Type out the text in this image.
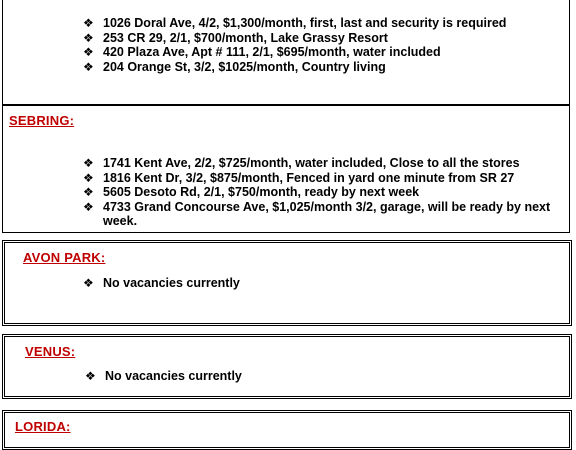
❖ 1026 Doral Ave, 4/2, $1,300/month, first, last and security is required
❖ 253 CR 29, 2/1, $700/month, Lake Grassy Resort
❖ 420 Plaza Ave, Apt # 111, 2/1, $695/month, water included
❖ 204 Orange St, 3/2, $1025/month, Country living
SEBRING:
❖ 1741 Kent Ave, 2/2, $725/month, water included, Close to all the stores
❖ 1816 Kent Dr, 3/2, $875/month, Fenced in yard one minute from SR 27
❖ 5605 Desoto Rd, 2/1, $750/month, ready by next week
❖ 4733 Grand Concourse Ave, $1,025/month 3/2, garage, will be ready by next week.
AVON PARK:
❖ No vacancies currently
VENUS:
❖ No vacancies currently
LORIDA:
